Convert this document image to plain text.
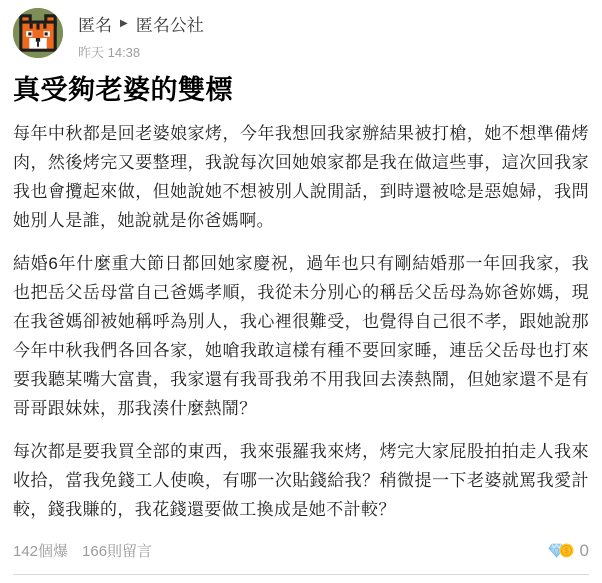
匿名 ▶ 匿名公社
昨天 14:38
真受夠老婆的雙標

每年中秋都是回老婆娘家烤，今年我想回我家辦結果被打槍，她不想準備烤肉，然後烤完又要整理，我說每次回她娘家都是我在做這些事，這次回我家我也會攬起來做，但她說她不想被別人說閒話，到時還被唸是惡媳婦，我問她別人是誰，她說就是你爸媽啊。

結婚6年什麼重大節日都回她家慶祝，過年也只有剛結婚那一年回我家，我也把岳父岳母當自己爸媽孝順，我從未分別心的稱岳父岳母為妳爸妳媽，現在我爸媽卻被她稱呼為別人，我心裡很難受，也覺得自己很不孝，跟她說那今年中秋我們各回各家，她嗆我敢這樣有種不要回家睡，連岳父岳母也打來要我聽某嘴大富貴，我家還有我哥我弟不用我回去湊熱鬧，但她家還不是有哥哥跟妹妹，那我湊什麼熱鬧？

每次都是要我買全部的東西，我來張羅我來烤，烤完大家屁股拍拍走人我來收拾，當我免錢工人使喚，有哪一次貼錢給我？稍微提一下老婆就罵我愛計較，錢我賺的，我花錢還要做工換成是她不計較？

142個爆 166則留言	$ 0
